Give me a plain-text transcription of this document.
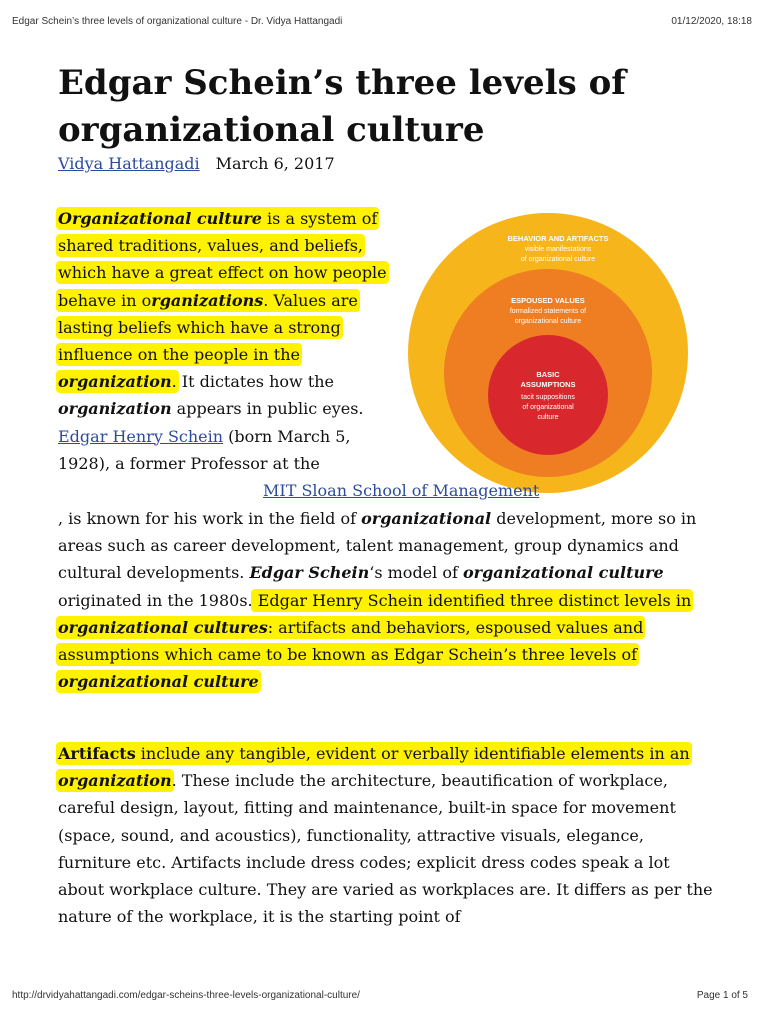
Edgar Schein’s three levels of organizational culture - Dr. Vidya Hattangadi	01/12/2020, 18:18
Edgar Schein’s three levels of organizational culture
Vidya Hattangadi March 6, 2017
BEHAVIOR AND ARTIFACTS
visible manifestations
of organizational culture
ESPOUSED VALUES
formalized statements of
organizational culture
BASIC
ASSUMPTIONS
tacit suppositions
of organizational
culture
Organizational culture is a system of shared traditions, values, and beliefs, which have a great effect on how people behave in organizations. Values are lasting beliefs which have a strong influence on the people in the organization. It dictates how the organization appears in public eyes. Edgar Henry Schein (born March 5, 1928), a former Professor at the
MIT Sloan School of Management
, is known for his work in the field of organizational development, more so in areas such as career development, talent management, group dynamics and cultural developments. Edgar Schein‘s model of organizational culture originated in the 1980s. Edgar Henry Schein identified three distinct levels in organizational cultures: artifacts and behaviors, espoused values and assumptions which came to be known as Edgar Schein’s three levels of organizational culture
Artifacts include any tangible, evident or verbally identifiable elements in an organization. These include the architecture, beautification of workplace, careful design, layout, fitting and maintenance, built-in space for movement (space, sound, and acoustics), functionality, attractive visuals, elegance, furniture etc. Artifacts include dress codes; explicit dress codes speak a lot about workplace culture. They are varied as workplaces are. It differs as per the nature of the workplace, it is the starting point of
http://drvidyahattangadi.com/edgar-scheins-three-levels-organizational-culture/	Page 1 of 5
